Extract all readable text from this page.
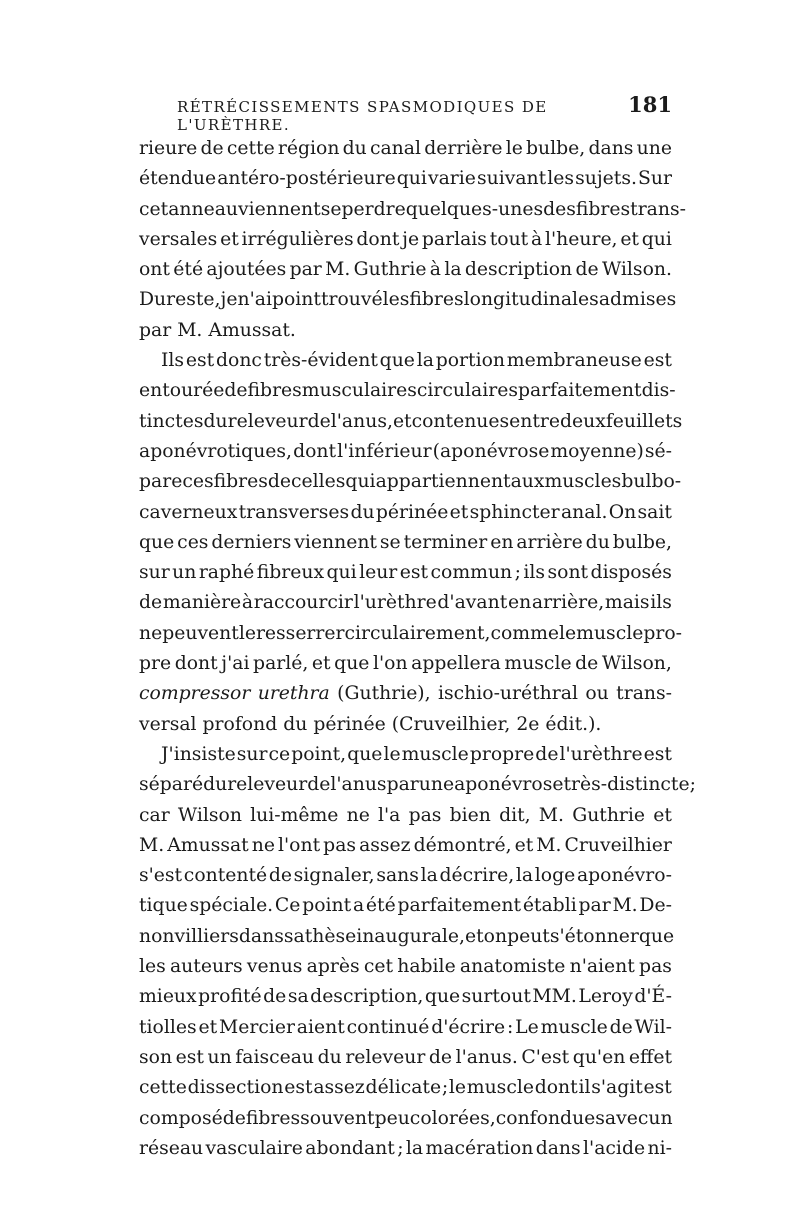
RÉTRÉCISSEMENTS SPASMODIQUES DE L'URÈTHRE.
181
rieure de cette région du canal derrière le bulbe, dans une
étendue antéro-postérieure qui varie suivant les sujets. Sur
cet anneau viennent se perdre quelques-unes des fibres trans-
versales et irrégulières dont je parlais tout à l'heure, et qui
ont été ajoutées par M. Guthrie à la description de Wilson.
Du reste, je n'ai point trouvé les fibres longitudinales admises
par
M.
Amussat.
Ils est donc très-évident que la portion membraneuse est
entourée de fibres musculaires circulaires parfaitement dis-
tinctes du releveur de l'anus, et contenues entre deux feuillets
aponévrotiques, dont l'inférieur (aponévrose moyenne) sé-
pare ces fibres de celles qui appartiennent aux muscles bulbo-
caverneux transverses du périnée et sphincter anal. On sait
que ces derniers viennent se terminer en arrière du bulbe,
sur un raphé fibreux qui leur est commun ; ils sont disposés
de manière à raccourcir l'urèthre d'avant en arrière, mais ils
ne peuvent le resserrer circulairement, comme le muscle pro-
pre dont j'ai parlé, et que l'on appellera muscle de Wilson,
compressor urethra (Guthrie), ischio-uréthral ou trans-
versal
profond
du
périnée
(Cruveilhier,
2e
édit.).
J'insiste sur ce point, que le muscle propre de l'urèthre est
séparé du releveur de l'anus par une aponévrose très-distincte ;
car Wilson lui-même ne l'a pas bien dit, M. Guthrie et
M. Amussat ne l'ont pas assez démontré, et M. Cruveilhier
s'est contenté de signaler, sans la décrire, la loge aponévro-
tique spéciale. Ce point a été parfaitement établi par M. De-
nonvilliers dans sa thèse inaugurale, et on peut s'étonner que
les auteurs venus après cet habile anatomiste n'aient pas
mieux profité de sa description, que surtout MM. Leroy d'É-
tiolles et Mercier aient continué d'écrire : Le muscle de Wil-
son est un faisceau du releveur de l'anus. C'est qu'en effet
cette dissection est assez délicate ; le muscle dont il s'agit est
composé de fibres souvent peu colorées, confondues avec un
réseau vasculaire abondant ; la macération dans l'acide ni-
